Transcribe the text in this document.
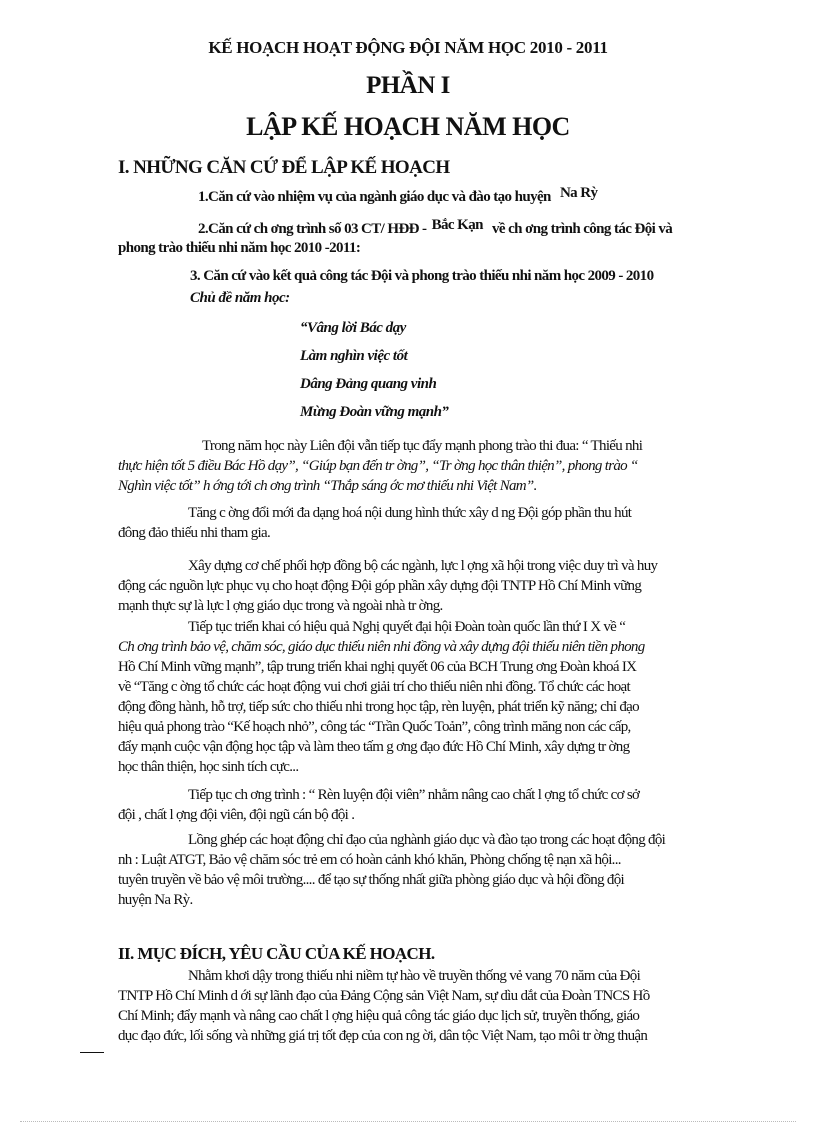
KẾ HOẠCH HOẠT ĐỘNG ĐỘI NĂM HỌC 2010 - 2011
PHẦN I
LẬP KẾ HOẠCH NĂM HỌC
I. NHỮNG CĂN CỨ ĐỂ LẬP KẾ HOẠCH
1.Căn cứ vào nhiệm vụ của ngành giáo dục và đào tạo huyện Na Rỳ
2.Căn cứ ch ơng trình số 03 CT/ HĐĐ - Bắc Kạn về ch ơng trình công tác Đội và
phong trào thiếu nhi năm học 2010 -2011:
3. Căn cứ vào kết quả công tác Đội và phong trào thiếu nhi năm học 2009 - 2010
Chủ đề năm học:
“Vâng lời Bác dạy
Làm nghìn việc tốt
Dâng Đảng quang vinh
Mừng Đoàn vững mạnh”
Trong năm học này Liên đội vẫn tiếp tục đẩy mạnh phong trào thi đua: “ Thiếu nhi
thực hiện tốt 5 điều Bác Hồ dạy”, “Giúp bạn đến tr ờng”, “Tr ờng học thân thiện”, phong trào “
Nghìn việc tốt” h ớng tới ch ơng trình “Thắp sáng ớc mơ thiếu nhi Việt Nam”.
Tăng c ờng đổi mới đa dạng hoá nội dung hình thức xây d ng Đội góp phần thu hút
đông đảo thiếu nhi tham gia.
Xây dựng cơ chế phối hợp đồng bộ các ngành, lực l ợng xã hội trong việc duy trì và huy
động các nguồn lực phục vụ cho hoạt động Đội góp phần xây dựng đội TNTP Hồ Chí Minh vững
mạnh thực sự là lực l ợng giáo dục trong và ngoài nhà tr ờng.
Tiếp tục triển khai có hiệu quả Nghị quyết đại hội Đoàn toàn quốc lần thứ I X về “
Ch ơng trình bảo vệ, chăm sóc, giáo dục thiếu niên nhi đồng và xây dựng đội thiếu niên tiền phong
Hồ Chí Minh vững mạnh”, tập trung triển khai nghị quyết 06 của BCH Trung ơng Đoàn khoá IX
về “Tăng c ờng tổ chức các hoạt động vui chơi giải trí cho thiếu niên nhi đồng. Tổ chức các hoạt
động đồng hành, hỗ trợ, tiếp sức cho thiếu nhi trong học tập, rèn luyện, phát triển kỹ năng; chỉ đạo
hiệu quả phong trào “Kế hoạch nhỏ”, công tác “Trần Quốc Toản”, công trình măng non các cấp,
đẩy mạnh cuộc vận động học tập và làm theo tấm g ơng đạo đức Hồ Chí Minh, xây dựng tr ờng
học thân thiện, học sinh tích cực...
Tiếp tục ch ơng trình : “ Rèn luyện đội viên” nhằm nâng cao chất l ợng tổ chức cơ sở
đội , chất l ợng đội viên, đội ngũ cán bộ đội .
Lồng ghép các hoạt động chỉ đạo của nghành giáo dục và đào tạo trong các hoạt động đội
nh : Luật ATGT, Bảo vệ chăm sóc trẻ em có hoàn cảnh khó khăn, Phòng chống tệ nạn xã hội...
tuyên truyền về bảo vệ môi trường.... để tạo sự thống nhất giữa phòng giáo dục và hội đồng đội
huyện Na Rỳ.
II. MỤC ĐÍCH, YÊU CẦU CỦA KẾ HOẠCH.
Nhằm khơi dậy trong thiếu nhi niềm tự hào về truyền thống vẻ vang 70 năm của Đội
TNTP Hồ Chí Minh d ới sự lãnh đạo của Đảng Cộng sản Việt Nam, sự dìu dắt của Đoàn TNCS Hồ
Chí Minh; đẩy mạnh và nâng cao chất l ợng hiệu quả công tác giáo dục lịch sử, truyền thống, giáo
dục đạo đức, lối sống và những giá trị tốt đẹp của con ng ời, dân tộc Việt Nam, tạo môi tr ờng thuận
